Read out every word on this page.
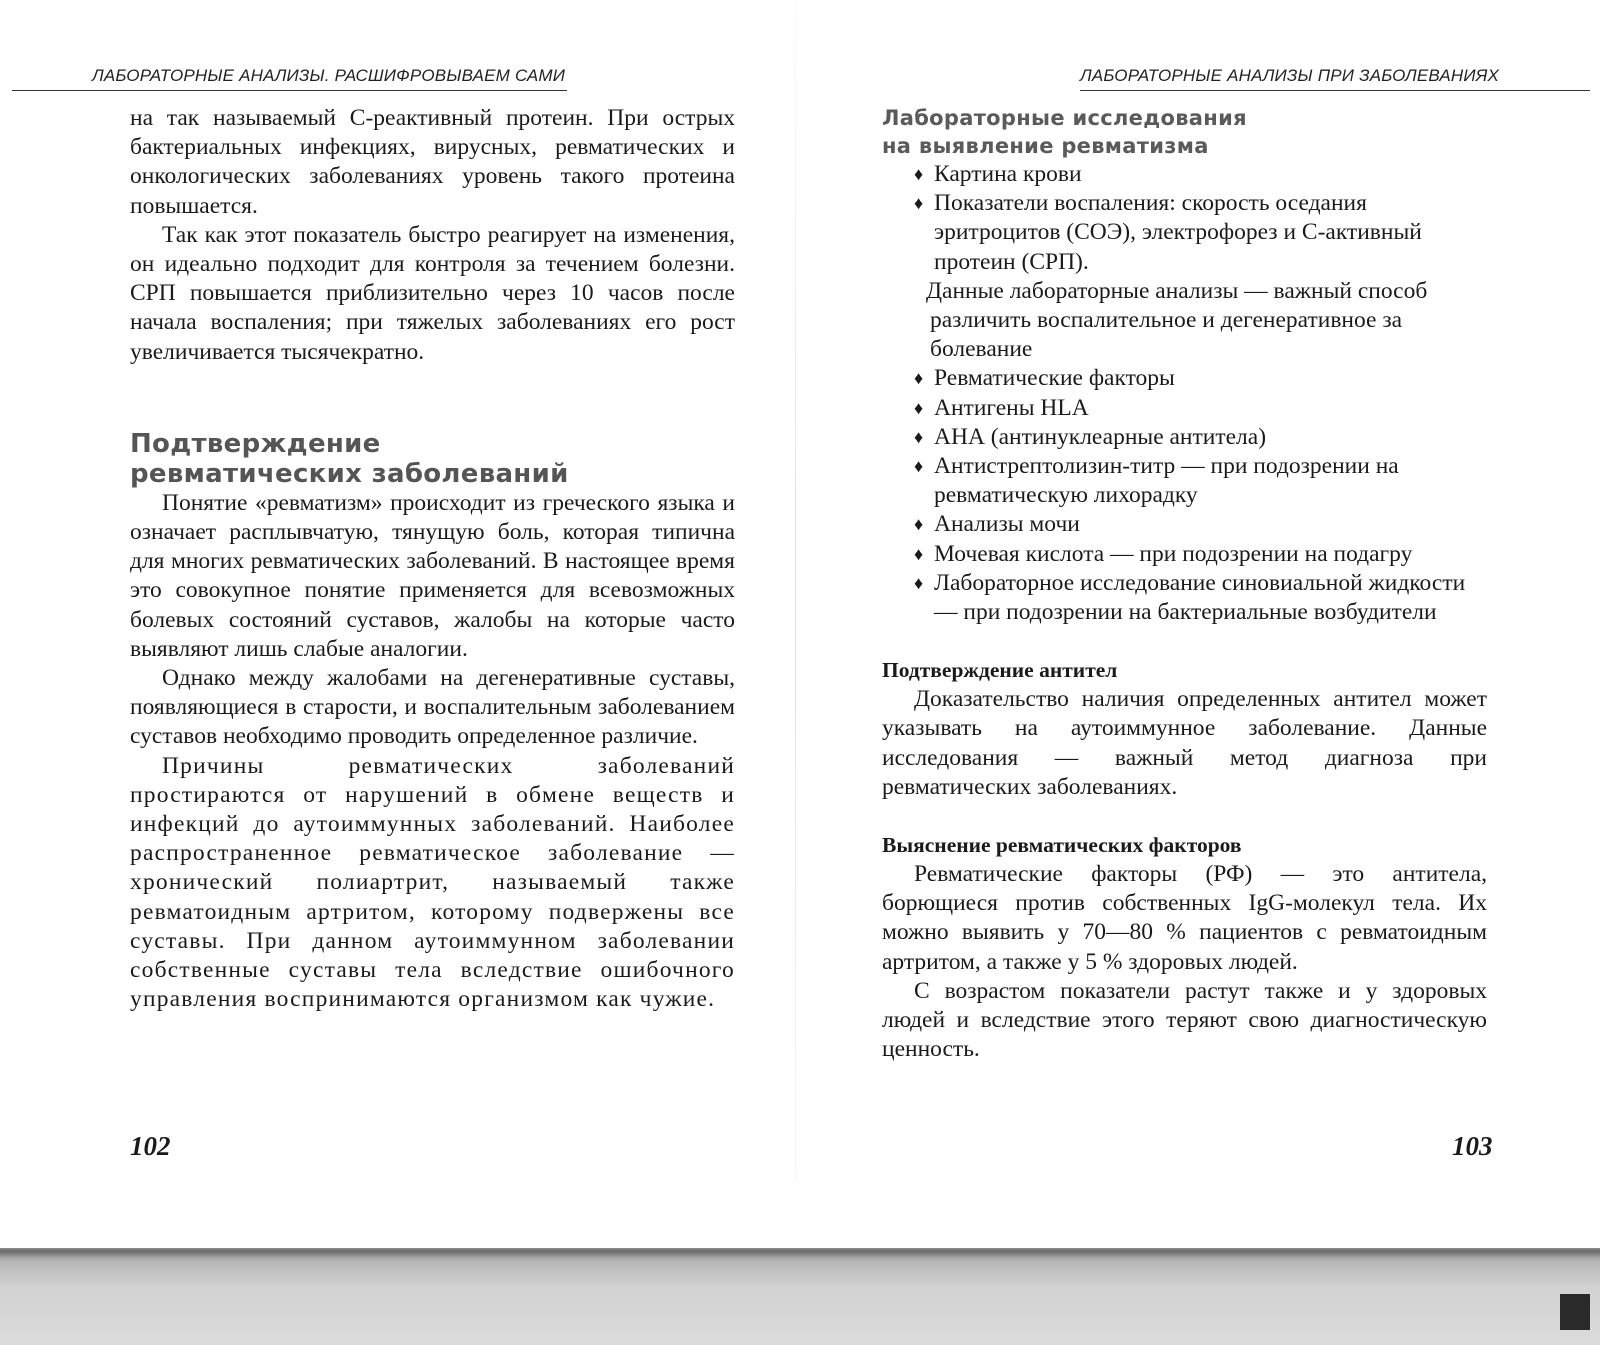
ЛАБОРАТОРНЫЕ АНАЛИЗЫ. РАСШИФРОВЫВАЕМ САМИ

на так называемый С-реактивный протеин. При острых бактериальных инфекциях, вирусных, ревматических и онкологических заболеваниях уровень такого протеина повышается.

Так как этот показатель быстро реагирует на изменения, он идеально подходит для контроля за течением болезни. СРП повышается приблизительно через 10 часов после начала воспаления; при тяжелых заболеваниях его рост увеличивается тысячекратно.

Подтверждение
ревматических заболеваний

Понятие «ревматизм» происходит из греческого языка и означает расплывчатую, тянущую боль, которая типична для многих ревматических заболеваний. В настоящее время это совокупное понятие применяется для всевозможных болевых состояний суставов, жалобы на которые часто выявляют лишь слабые аналогии.

Однако между жалобами на дегенеративные суставы, появляющиеся в старости, и воспалительным заболеванием суставов необходимо проводить определенное различие.

Причины ревматических заболеваний простираются от нарушений в обмене веществ и инфекций до аутоиммунных заболеваний. Наиболее распространенное ревматическое заболевание — хронический полиартрит, называемый также ревматоидным артритом, которому подвержены все суставы. При данном аутоиммунном заболевании собственные суставы тела вследствие ошибочного управления воспринимаются организмом как чужие.

102
ЛАБОРАТОРНЫЕ АНАЛИЗЫ ПРИ ЗАБОЛЕВАНИЯХ
Лабораторные исследования
на выявление ревматизма
♦ Картина крови
♦ Показатели воспаления: скорость оседания эритроцитов (СОЭ), электрофорез и С-активный протеин (СРП).
Данные лабораторные анализы — важный способ различить воспалительное и дегенеративное за болевание
♦ Ревматические факторы
♦ Антигены HLA
♦ АНА (антинуклеарные антитела)
♦ Антистрептолизин-титр — при подозрении на ревматическую лихорадку
♦ Анализы мочи
♦ Мочевая кислота — при подозрении на подагру
♦ Лабораторное исследование синовиальной жидкости — при подозрении на бактериальные возбудители
Подтверждение антител

Доказательство наличия определенных антител может указывать на аутоиммунное заболевание. Данные исследования — важный метод диагноза при ревматических заболеваниях.

Выяснение ревматических факторов

Ревматические факторы (РФ) — это антитела, борющиеся против собственных IgG-молекул тела. Их можно выявить у 70—80 % пациентов с ревматоидным артритом, а также у 5 % здоровых людей.

С возрастом показатели растут также и у здоровых людей и вследствие этого теряют свою диагностическую ценность.

103
